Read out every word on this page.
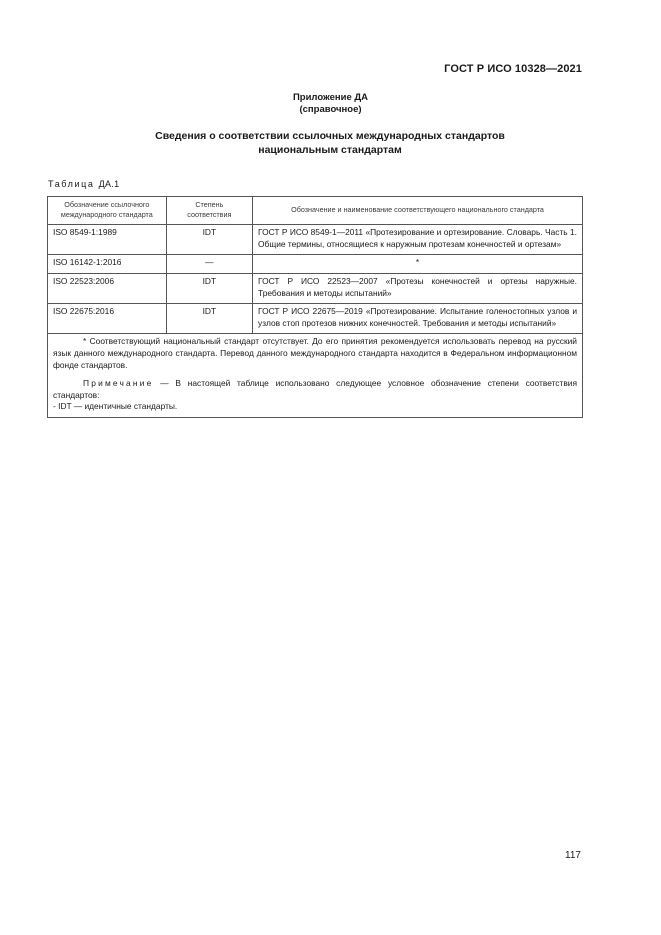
ГОСТ Р ИСО 10328—2021
Приложение ДА
(справочное)
Сведения о соответствии ссылочных международных стандартов
национальным стандартам
Таблица ДА.1
Обозначение ссылочного международного стандарта	Степень соответствия	Обозначение и наименование соответствующего национального стандарта
ISO 8549-1:1989	IDT	ГОСТ Р ИСО 8549-1—2011 «Протезирование и ортезирование. Словарь. Часть 1. Общие термины, относящиеся к наружным протезам конечностей и ортезам»
ISO 16142-1:2016	—	*
ISO 22523:2006	IDT	ГОСТ Р ИСО 22523—2007 «Протезы конечностей и ортезы наружные. Требования и методы испытаний»
ISO 22675:2016	IDT	ГОСТ Р ИСО 22675—2019 «Протезирование. Испытание голеностопных узлов и узлов стоп протезов нижних конечностей. Требования и методы испытаний»

* Соответствующий национальный стандарт отсутствует. До его принятия рекомендуется использовать перевод на русский язык данного международного стандарта. Перевод данного международного стандарта находится в Федеральном информационном фонде стандартов.

Примечание — В настоящей таблице использовано следующее условное обозначение степени соответствия стандартов:

- IDT — идентичные стандарты.		

117
